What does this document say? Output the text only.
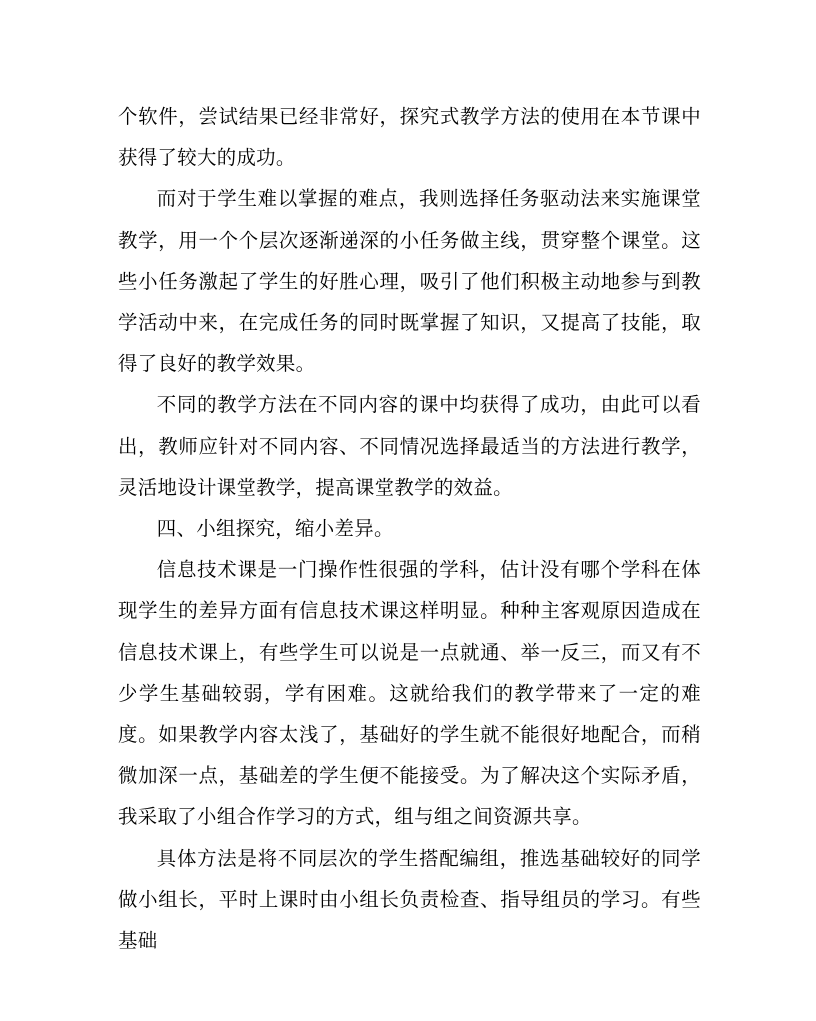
个软件，尝试结果已经非常好，探究式教学方法的使用在本节课中获得了较大的成功。

而对于学生难以掌握的难点，我则选择任务驱动法来实施课堂教学，用一个个层次逐渐递深的小任务做主线，贯穿整个课堂。这些小任务激起了学生的好胜心理，吸引了他们积极主动地参与到教学活动中来，在完成任务的同时既掌握了知识，又提高了技能，取得了良好的教学效果。

不同的教学方法在不同内容的课中均获得了成功，由此可以看出，教师应针对不同内容、不同情况选择最适当的方法进行教学，灵活地设计课堂教学，提高课堂教学的效益。

四、小组探究，缩小差异。

信息技术课是一门操作性很强的学科，估计没有哪个学科在体现学生的差异方面有信息技术课这样明显。种种主客观原因造成在信息技术课上，有些学生可以说是一点就通、举一反三，而又有不少学生基础较弱，学有困难。这就给我们的教学带来了一定的难度。如果教学内容太浅了，基础好的学生就不能很好地配合，而稍微加深一点，基础差的学生便不能接受。为了解决这个实际矛盾，我采取了小组合作学习的方式，组与组之间资源共享。

具体方法是将不同层次的学生搭配编组，推选基础较好的同学做小组长，平时上课时由小组长负责检查、指导组员的学习。有些基础
